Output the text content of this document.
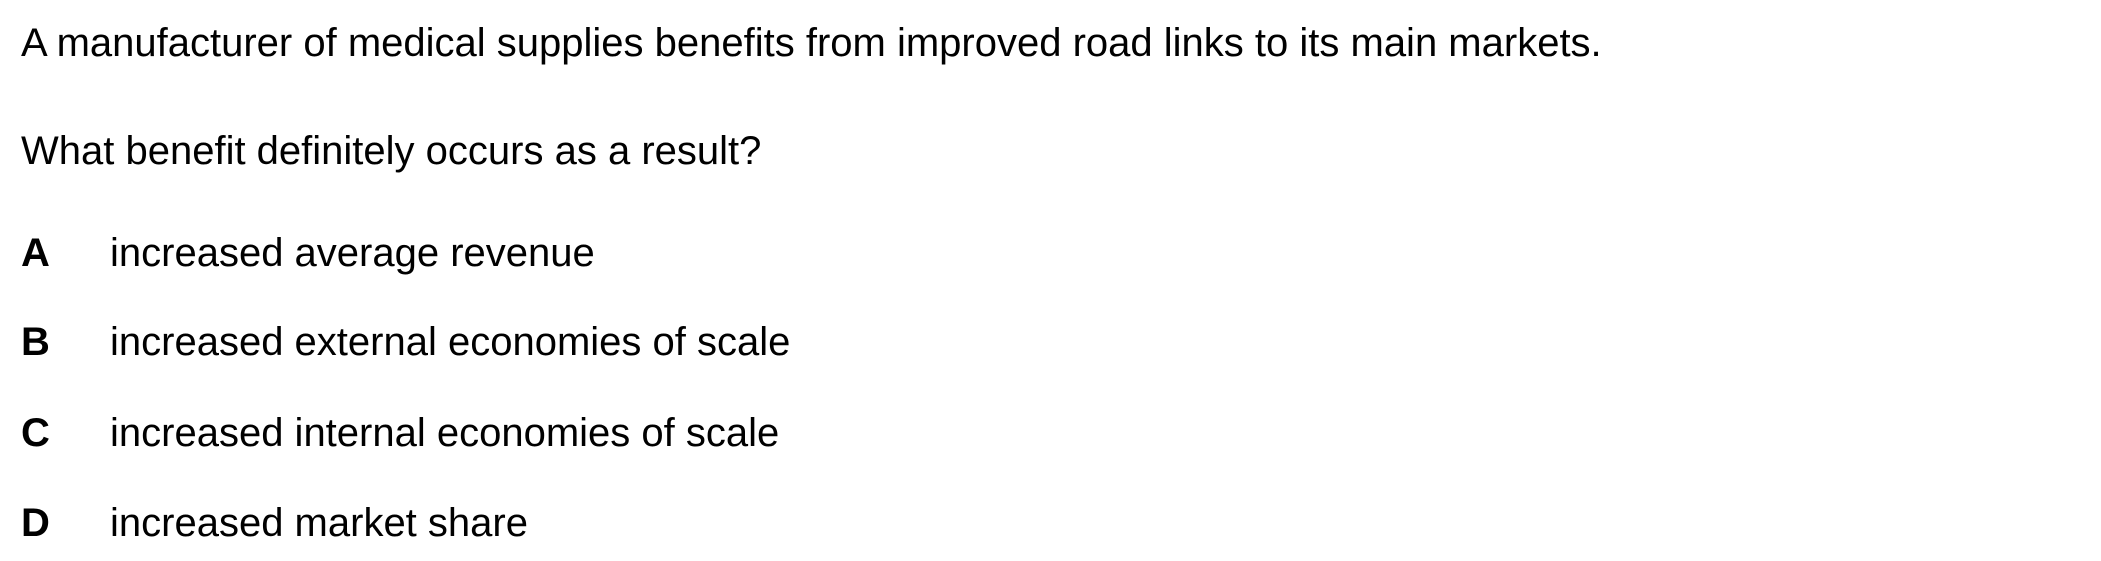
A manufacturer of medical supplies benefits from improved road links to its main markets.
What benefit definitely occurs as a result?
A increased average revenue
B increased external economies of scale
C increased internal economies of scale
D increased market share
